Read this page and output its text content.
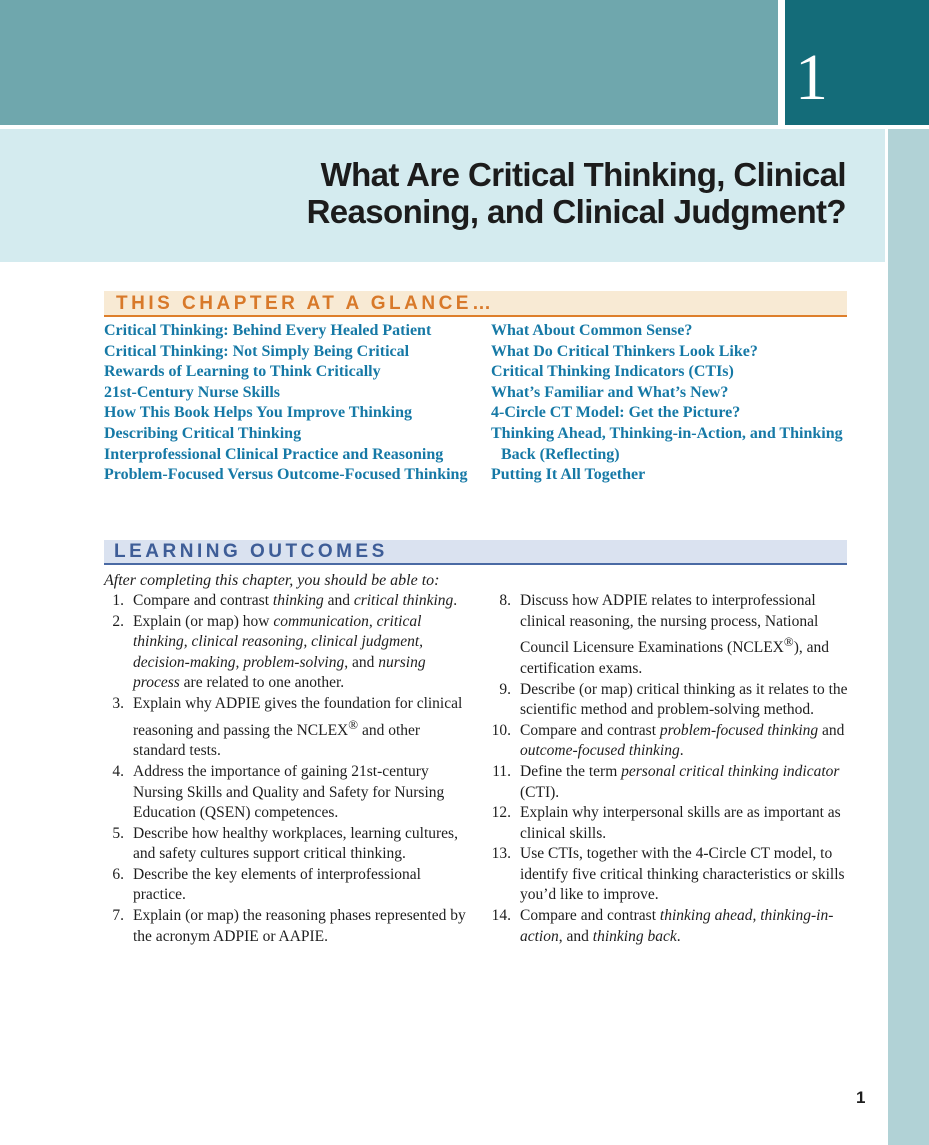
1
What Are Critical Thinking, Clinical
Reasoning, and Clinical Judgment?
THIS CHAPTER AT A GLANCE…
Critical Thinking: Behind Every Healed Patient
Critical Thinking: Not Simply Being Critical
Rewards of Learning to Think Critically
21st-Century Nurse Skills
How This Book Helps You Improve Thinking
Describing Critical Thinking
Interprofessional Clinical Practice and Reasoning
Problem-Focused Versus Outcome-Focused Thinking
What About Common Sense?
What Do Critical Thinkers Look Like?
Critical Thinking Indicators (CTIs)
What’s Familiar and What’s New?
4-Circle CT Model: Get the Picture?
Thinking Ahead, Thinking-in-Action, and Thinking Back (Reflecting)
Putting It All Together
LEARNING OUTCOMES
After completing this chapter, you should be able to:
1. Compare and contrast thinking and critical thinking.
2. Explain (or map) how communication, critical thinking, clinical reasoning, clinical judgment, decision-making, problem-solving, and nursing process are related to one another.
3. Explain why ADPIE gives the foundation for clinical reasoning and passing the NCLEX® and other standard tests.
4. Address the importance of gaining 21st-century Nursing Skills and Quality and Safety for Nursing Education (QSEN) competences.
5. Describe how healthy workplaces, learning cultures, and safety cultures support critical thinking.
6. Describe the key elements of interprofessional practice.
7. Explain (or map) the reasoning phases represented by the acronym ADPIE or AAPIE.
8. Discuss how ADPIE relates to interprofessional clinical reasoning, the nursing process, National Council Licensure Examinations (NCLEX®), and certification exams.
9. Describe (or map) critical thinking as it relates to the scientific method and problem-solving method.
10. Compare and contrast problem-focused thinking and outcome-focused thinking.
11. Define the term personal critical thinking indicator (CTI).
12. Explain why interpersonal skills are as important as clinical skills.
13. Use CTIs, together with the 4-Circle CT model, to identify five critical thinking characteristics or skills you’d like to improve.
14. Compare and contrast thinking ahead, thinking-in-action, and thinking back.
1
